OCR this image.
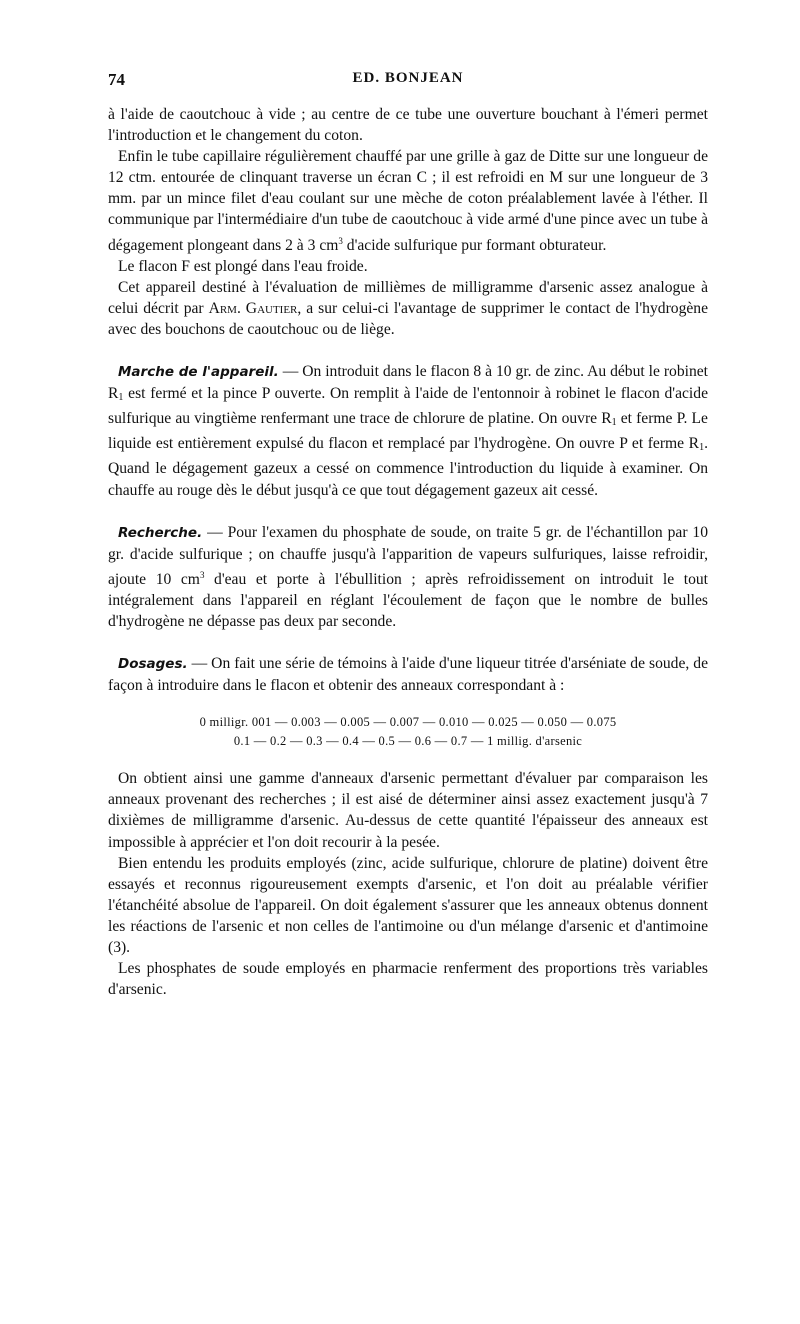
74	ED. BONJEAN

à l'aide de caoutchouc à vide ; au centre de ce tube une ouverture bouchant à l'émeri permet l'introduction et le changement du coton.

Enfin le tube capillaire régulièrement chauffé par une grille à gaz de Ditte sur une longueur de 12 ctm. entourée de clinquant traverse un écran C ; il est refroidi en M sur une longueur de 3 mm. par un mince filet d'eau coulant sur une mèche de coton préalablement lavée à l'éther. Il communique par l'intermédiaire d'un tube de caoutchouc à vide armé d'une pince avec un tube à dégagement plongeant dans 2 à 3 $cm^3$ d'acide sulfurique pur formant obturateur.

Le flacon F est plongé dans l'eau froide.

Cet appareil destiné à l'évaluation de millièmes de milligramme d'arsenic assez analogue à celui décrit par Arm. Gautier, a sur celui-ci l'avantage de supprimer le contact de l'hydrogène avec des bouchons de caoutchouc ou de liège.

Marche de l'appareil. — On introduit dans le flacon 8 à 10 gr. de zinc. Au début le robinet $R_1$ est fermé et la pince P ouverte. On remplit à l'aide de l'entonnoir à robinet le flacon d'acide sulfurique au vingtième renfermant une trace de chlorure de platine. On ouvre $R_1$ et ferme P. Le liquide est entièrement expulsé du flacon et remplacé par l'hydrogène. On ouvre P et ferme $R_1$. Quand le dégagement gazeux a cessé on commence l'introduction du liquide à examiner. On chauffe au rouge dès le début jusqu'à ce que tout dégagement gazeux ait cessé.

Recherche. — Pour l'examen du phosphate de soude, on traite 5 gr. de l'échantillon par 10 gr. d'acide sulfurique ; on chauffe jusqu'à l'apparition de vapeurs sulfuriques, laisse refroidir, ajoute 10 $cm^3$ d'eau et porte à l'ébullition ; après refroidissement on introduit le tout intégralement dans l'appareil en réglant l'écoulement de façon que le nombre de bulles d'hydrogène ne dépasse pas deux par seconde.

Dosages. — On fait une série de témoins à l'aide d'une liqueur titrée d'arséniate de soude, de façon à introduire dans le flacon et obtenir des anneaux correspondant à :

0 milligr. 001 — 0.003 — 0.005 — 0.007 — 0.010 — 0.025 — 0.050 — 0.075
0.1 — 0.2 — 0.3 — 0.4 — 0.5 — 0.6 — 0.7 — 1 millig. d'arsenic

On obtient ainsi une gamme d'anneaux d'arsenic permettant d'évaluer par comparaison les anneaux provenant des recherches ; il est aisé de déterminer ainsi assez exactement jusqu'à 7 dixièmes de milligramme d'arsenic. Au-dessus de cette quantité l'épaisseur des anneaux est impossible à apprécier et l'on doit recourir à la pesée.

Bien entendu les produits employés (zinc, acide sulfurique, chlorure de platine) doivent être essayés et reconnus rigoureusement exempts d'arsenic, et l'on doit au préalable vérifier l'étanchéité absolue de l'appareil. On doit également s'assurer que les anneaux obtenus donnent les réactions de l'arsenic et non celles de l'antimoine ou d'un mélange d'arsenic et d'antimoine (3).

Les phosphates de soude employés en pharmacie renferment des proportions très variables d'arsenic.
